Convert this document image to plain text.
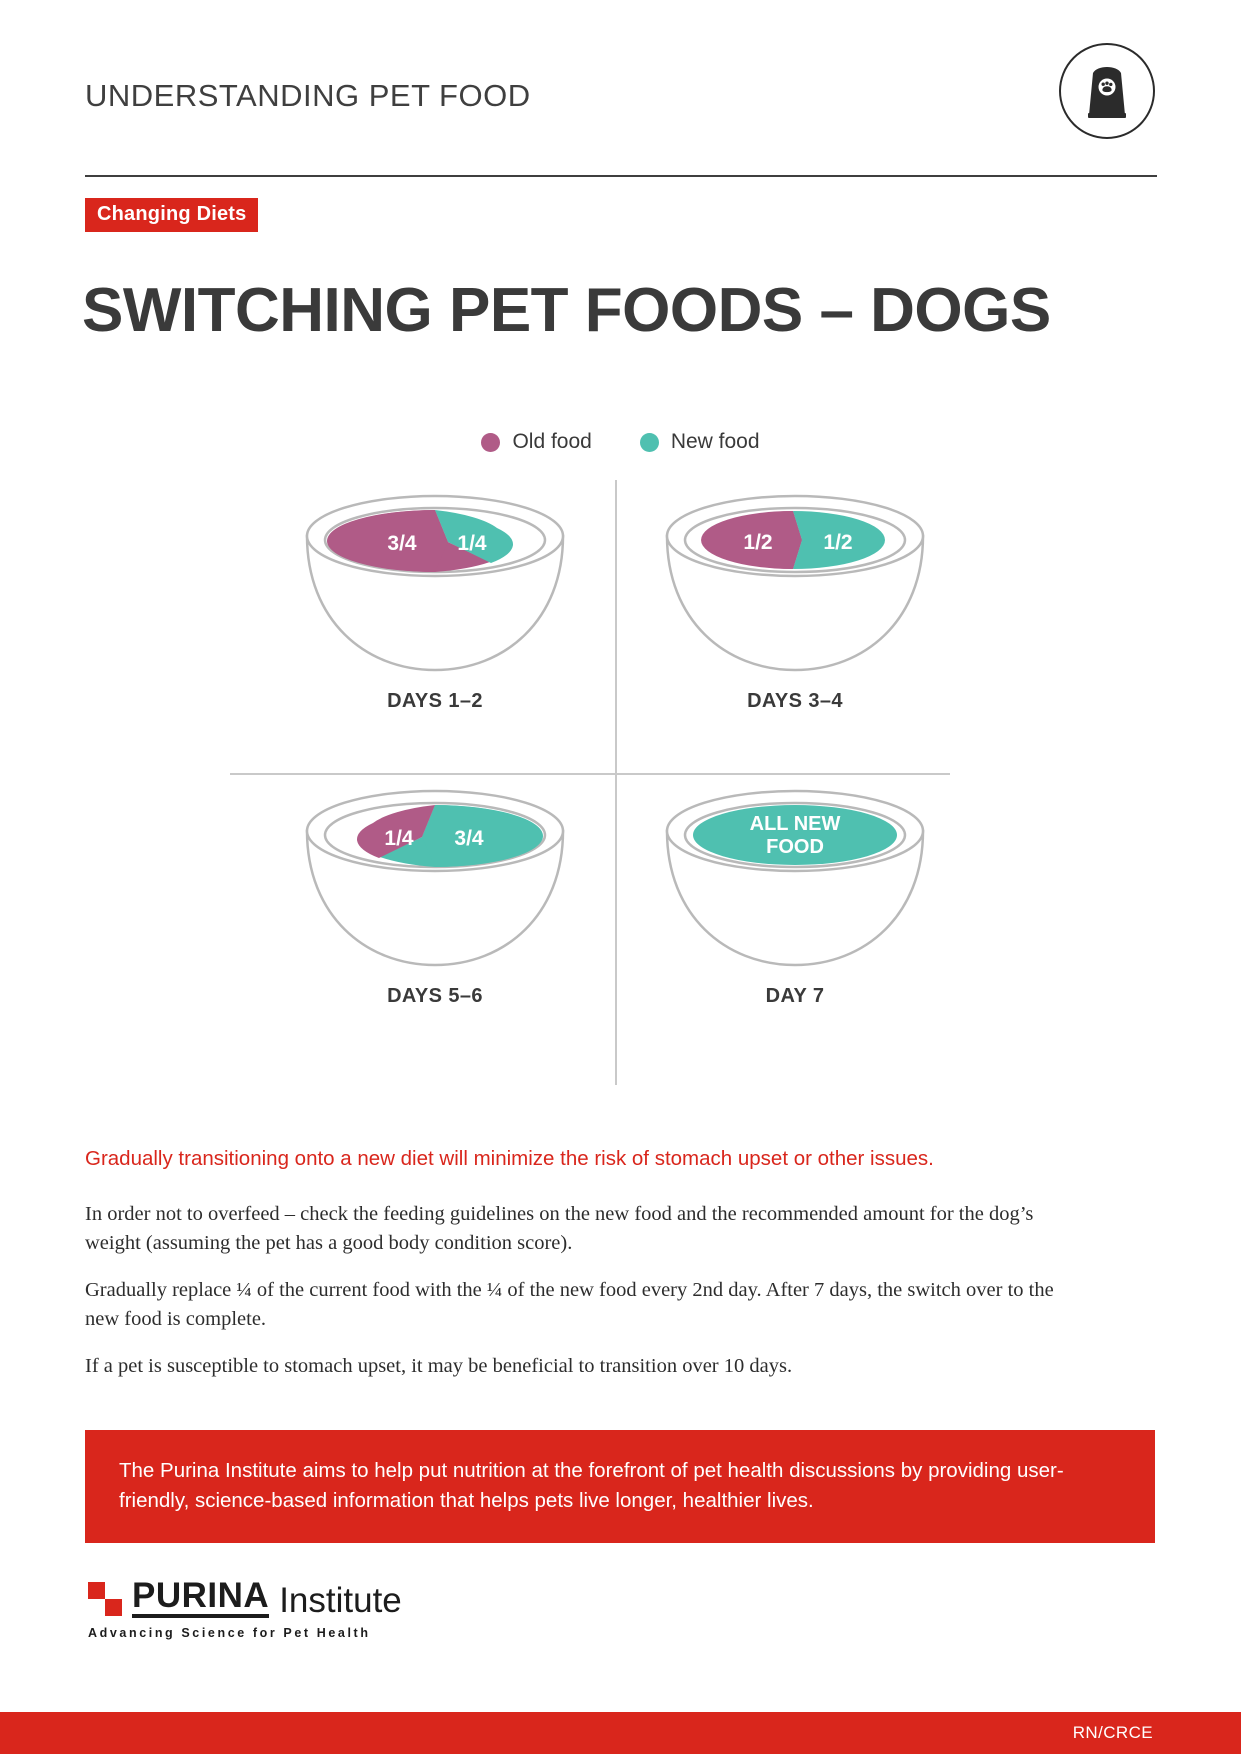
UNDERSTANDING PET FOOD
Changing Diets
SWITCHING PET FOODS – DOGS
Old food	New food
3/4 1/4
DAYS 1–2
1/2 1/2
DAYS 3–4
1/4 3/4
DAYS 5–6
ALL NEW
FOOD
DAY 7
Gradually transitioning onto a new diet will minimize the risk of stomach upset or other issues.

In order not to overfeed – check the feeding guidelines on the new food and the recommended amount for the dog’s weight (assuming the pet has a good body condition score).

Gradually replace ¼ of the current food with the ¼ of the new food every 2nd day. After 7 days, the switch over to the new food is complete.

If a pet is susceptible to stomach upset, it may be beneficial to transition over 10 days.

The Purina Institute aims to help put nutrition at the forefront of pet health discussions by providing user-friendly, science-based information that helps pets live longer, healthier lives.
PURINA Institute
Advancing Science for Pet Health
RN/CRCE
